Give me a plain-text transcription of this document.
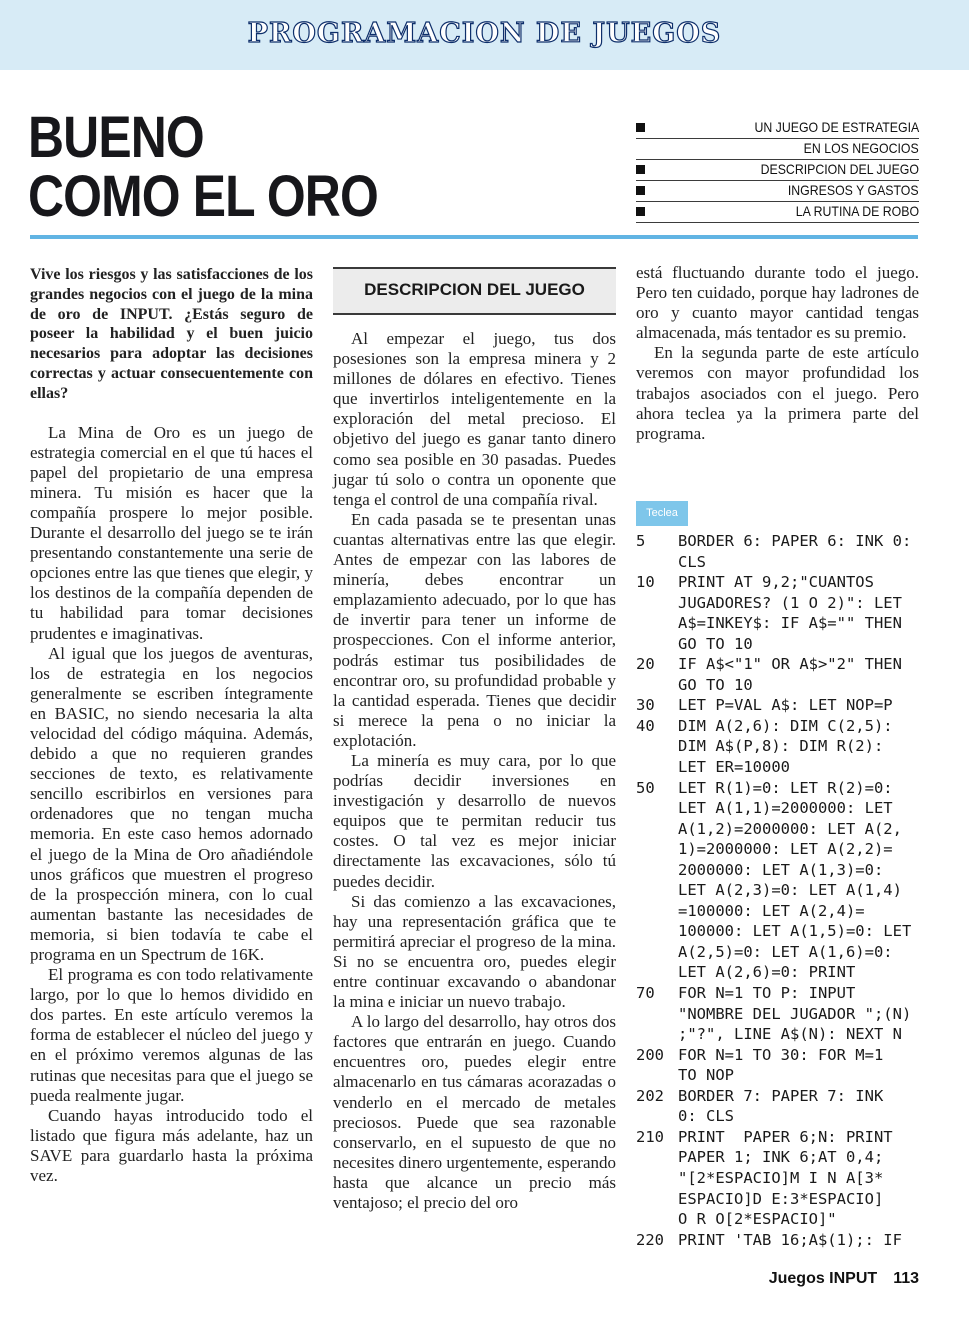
PROGRAMACION DE JUEGOS
BUENO
COMO EL ORO
UN JUEGO DE ESTRATEGIA
EN LOS NEGOCIOS
DESCRIPCION DEL JUEGO
INGRESOS Y GASTOS
LA RUTINA DE ROBO

Vive los riesgos y las satisfacciones de los grandes negocios con el juego de la mina de oro de INPUT. ¿Estás seguro de poseer la habilidad y el buen juicio necesarios para adoptar las decisiones correctas y actuar consecuentemente con ellas?

La Mina de Oro es un juego de estrategia comercial en el que tú haces el papel del propietario de una empresa minera. Tu misión es hacer que la compañía prospere lo mejor posible. Durante el desarrollo del juego se te irán presentando constantemente una serie de opciones entre las que tienes que elegir, y los destinos de la compañía dependen de tu habilidad para tomar decisiones prudentes e imaginativas.

Al igual que los juegos de aventuras, los de estrategia en los negocios generalmente se escriben íntegramente en BASIC, no siendo necesaria la alta velocidad del código máquina. Además, debido a que no requieren grandes secciones de texto, es relativamente sencillo escribirlos en versiones para ordenadores que no tengan mucha memoria. En este caso hemos adornado el juego de la Mina de Oro añadiéndole unos gráficos que muestren el progreso de la prospección minera, con lo cual aumentan bastante las necesidades de memoria, si bien todavía te cabe el programa en un Spectrum de 16K.

El programa es con todo relativamente largo, por lo que lo hemos dividido en dos partes. En este artículo veremos la forma de establecer el núcleo del juego y en el próximo veremos algunas de las rutinas que necesitas para que el juego se pueda realmente jugar.

Cuando hayas introducido todo el listado que figura más adelante, haz un SAVE para guardarlo hasta la próxima vez.

DESCRIPCION DEL JUEGO

Al empezar el juego, tus dos posesiones son la empresa minera y 2 millones de dólares en efectivo. Tienes que invertirlos inteligentemente en la exploración del metal precioso. El objetivo del juego es ganar tanto dinero como sea posible en 30 pasadas. Puedes jugar tú solo o contra un oponente que tenga el control de una compañía rival.

En cada pasada se te presentan unas cuantas alternativas entre las que elegir. Antes de empezar con las labores de minería, debes encontrar un emplazamiento adecuado, por lo que has de invertir para tener un informe de prospecciones. Con el informe anterior, podrás estimar tus posibilidades de encontrar oro, su profundidad probable y la cantidad esperada. Tienes que decidir si merece la pena o no iniciar la explotación.

La minería es muy cara, por lo que podrías decidir inversiones en investigación y desarrollo de nuevos equipos que te permitan reducir tus costes. O tal vez es mejor iniciar directamente las excavaciones, sólo tú puedes decidir.

Si das comienzo a las excavaciones, hay una representación gráfica que te permitirá apreciar el progreso de la mina. Si no se encuentra oro, puedes elegir entre continuar excavando o abandonar la mina e iniciar un nuevo trabajo.

A lo largo del desarrollo, hay otros dos factores que entrarán en juego. Cuando encuentres oro, puedes elegir entre almacenarlo en tus cámaras acorazadas o venderlo en el mercado de metales preciosos. Puede que sea razonable conservarlo, en el supuesto de que no necesites dinero urgentemente, esperando hasta que alcance un precio más ventajoso; el precio del oro

está fluctuando durante todo el juego. Pero ten cuidado, porque hay ladrones de oro y cuanto mayor cantidad tengas almacenada, más tentador es su premio.

En la segunda parte de este artículo veremos con mayor profundidad los trabajos asociados con el juego. Pero ahora teclea ya la primera parte del programa.

Teclea
5 BORDER 6: PAPER 6: INK 0:
CLS
10 PRINT AT 9,2;"CUANTOS
JUGADORES? (1 O 2)": LET
A$=INKEY$: IF A$="" THEN
GO TO 10
20 IF A$<"1" OR A$>"2" THEN
GO TO 10
30 LET P=VAL A$: LET NOP=P
40 DIM A(2,6): DIM C(2,5):
DIM A$(P,8): DIM R(2):
LET ER=10000
50 LET R(1)=0: LET R(2)=0:
LET A(1,1)=2000000: LET
A(1,2)=2000000: LET A(2,
1)=2000000: LET A(2,2)=
2000000: LET A(1,3)=0:
LET A(2,3)=0: LET A(1,4)
=100000: LET A(2,4)=
100000: LET A(1,5)=0: LET
A(2,5)=0: LET A(1,6)=0:
LET A(2,6)=0: PRINT
70 FOR N=1 TO P: INPUT
"NOMBRE DEL JUGADOR ";(N)
;"?", LINE A$(N): NEXT N
200 FOR N=1 TO 30: FOR M=1
TO NOP
202 BORDER 7: PAPER 7: INK
0: CLS
210 PRINT  PAPER 6;N: PRINT
PAPER 1; INK 6;AT 0,4;
"[2*ESPACIO]M I N A[3*
ESPACIO]D E:3*ESPACIO]
O R O[2*ESPACIO]"
220 PRINT 'TAB 16;A$(1);: IF
Juegos INPUT 113
